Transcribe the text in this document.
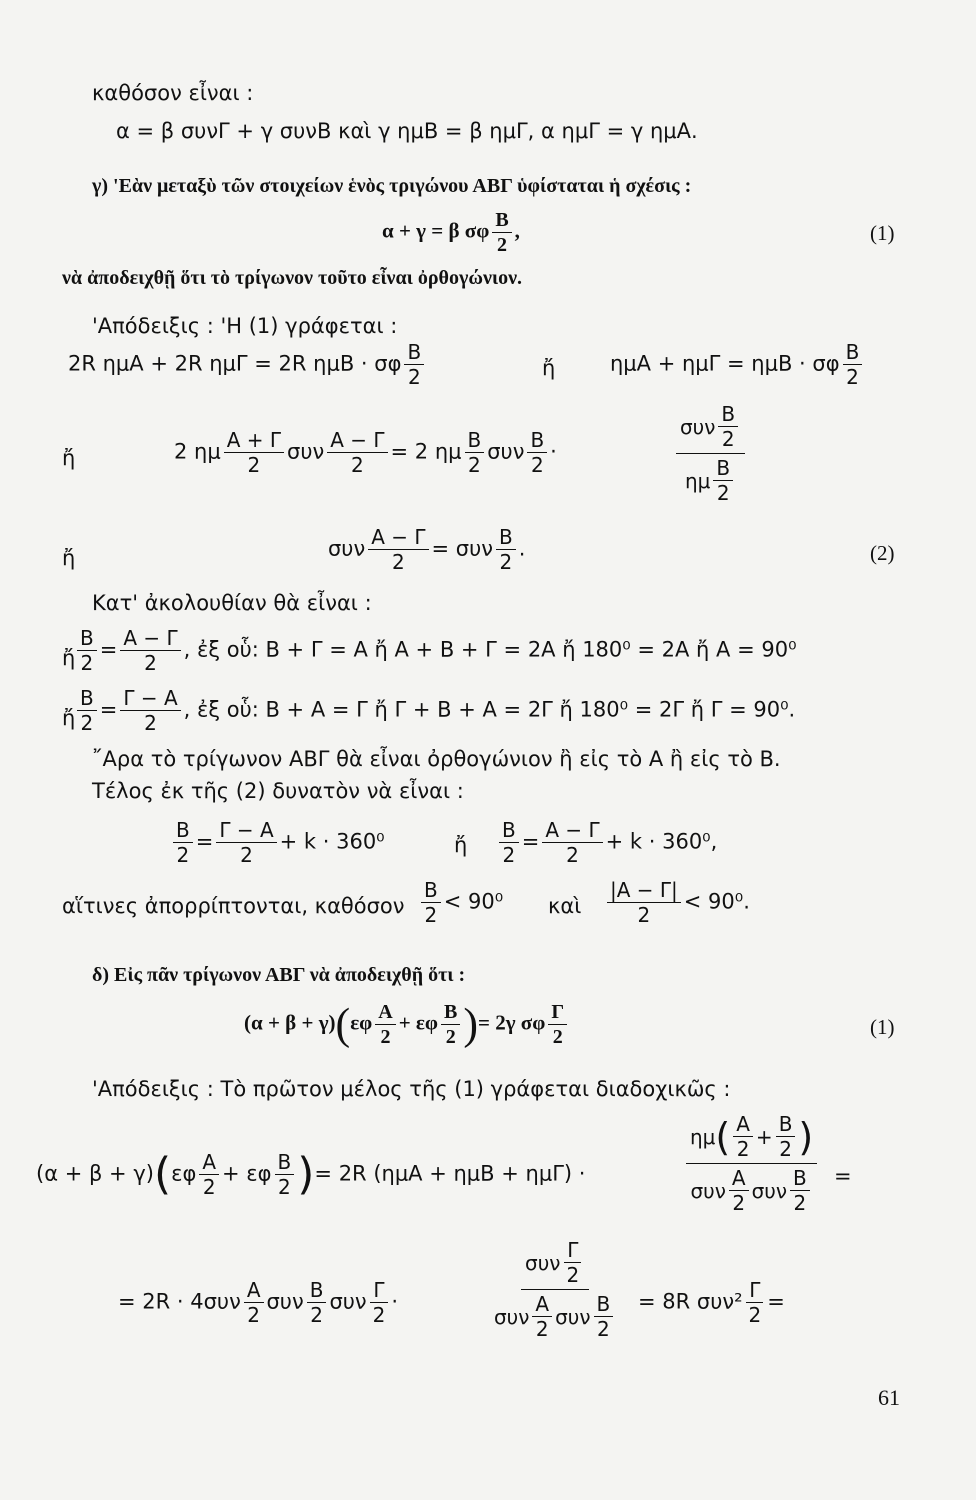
καθόσον εἶναι :
α = β συνΓ + γ συνΒ καὶ γ ημΒ = β ημΓ, α ημΓ = γ ημΑ.
γ) 'Εὰν μεταξὺ τῶν στοιχείων ἑνὸς τριγώνου ΑΒΓ ὑφίσταται ἡ σχέσις :
α + γ = β σφ $\frac{B}{2}$ ,	(1)
νὰ ἀποδειχθῇ ὅτι τὸ τρίγωνον τοῦτο εἶναι ὀρθογώνιον.
'Απόδειξις : 'Η (1) γράφεται :
2R ημΑ + 2R ημΓ = 2R ημΒ · σφ $\frac{B}{2}$	ἤ	ημΑ + ημΓ = ημΒ · σφ $\frac{B}{2}$
ἤ	2 ημ $\frac{A + \Gamma}{2}$ συν $\frac{A - \Gamma}{2} = 2$ ημ $\frac{B}{2}$ συν $\frac{B}{2}$ ·
συν $\frac{B}{2}$
ημ $\frac{B}{2}$
ἤ	συν $\frac{A - \Gamma}{2} = \sigma\upsilon\nu \frac{B}{2}$ .	(2)
Κατ' ἀκολουθίαν θὰ εἶναι :
ἤ $\frac{B}{2} = \frac{A - \Gamma}{2}$ , ἐξ οὗ: Β + Γ = Α ἤ Α + Β + Γ = 2Α ἤ 180⁰ = 2Α ἤ Α = 90⁰
ἤ $\frac{B}{2} = \frac{\Gamma - A}{2}$ , ἐξ οὗ: Β + Α = Γ ἤ Γ + Β + Α = 2Γ ἤ 180⁰ = 2Γ ἤ Γ = 90⁰.
῎Αρα τὸ τρίγωνον ΑΒΓ θὰ εἶναι ὀρθογώνιον ἢ εἰς τὸ Α ἢ εἰς τὸ Β.
Τέλος ἐκ τῆς (2) δυνατὸν νὰ εἶναι :
$\frac{B}{2} = \frac{\Gamma - A}{2} + k \cdot 360^0$	ἤ $\frac{B}{2} = \frac{A - \Gamma}{2} + k \cdot 360^0$,
αἵτινες ἀπορρίπτονται, καθόσον $\frac{B}{2} < 90^0$ καὶ $\frac{|A - \Gamma|}{2} < 90^0$.
δ) Εἰς πᾶν τρίγωνον ΑΒΓ νὰ ἀποδειχθῇ ὅτι :
$(\alpha + \beta + \gamma)(\varepsilon\varphi \frac{A}{2} + \varepsilon\varphi \frac{B}{2}$ )= 2γ σφ $\frac{\Gamma}{2}$	(1)
'Απόδειξις : Τὸ πρῶτον μέλος τῆς (1) γράφεται διαδοχικῶς :
$(\alpha + \beta + \gamma)(\varepsilon\varphi \frac{A}{2} + \varepsilon\varphi \frac{B}{2}$ )= 2R (ημΑ + ημΒ + ημΓ) ·
ημ ( $\frac{A}{2} + \frac{B}{2}$ )
συν $\frac{A}{2}$ συν $\frac{B}{2}$ =
= $2R \cdot 4\sigma\upsilon\nu \frac{A}{2}$ συν $\frac{B}{2}$ συν $\frac{\Gamma}{2}$ ·
συν $\frac{\Gamma}{2}$
συν $\frac{A}{2}$ συν $\frac{B}{2} = 8R$ $\sigma\upsilon\nu^2 \frac{\Gamma}{2}$ =
61
